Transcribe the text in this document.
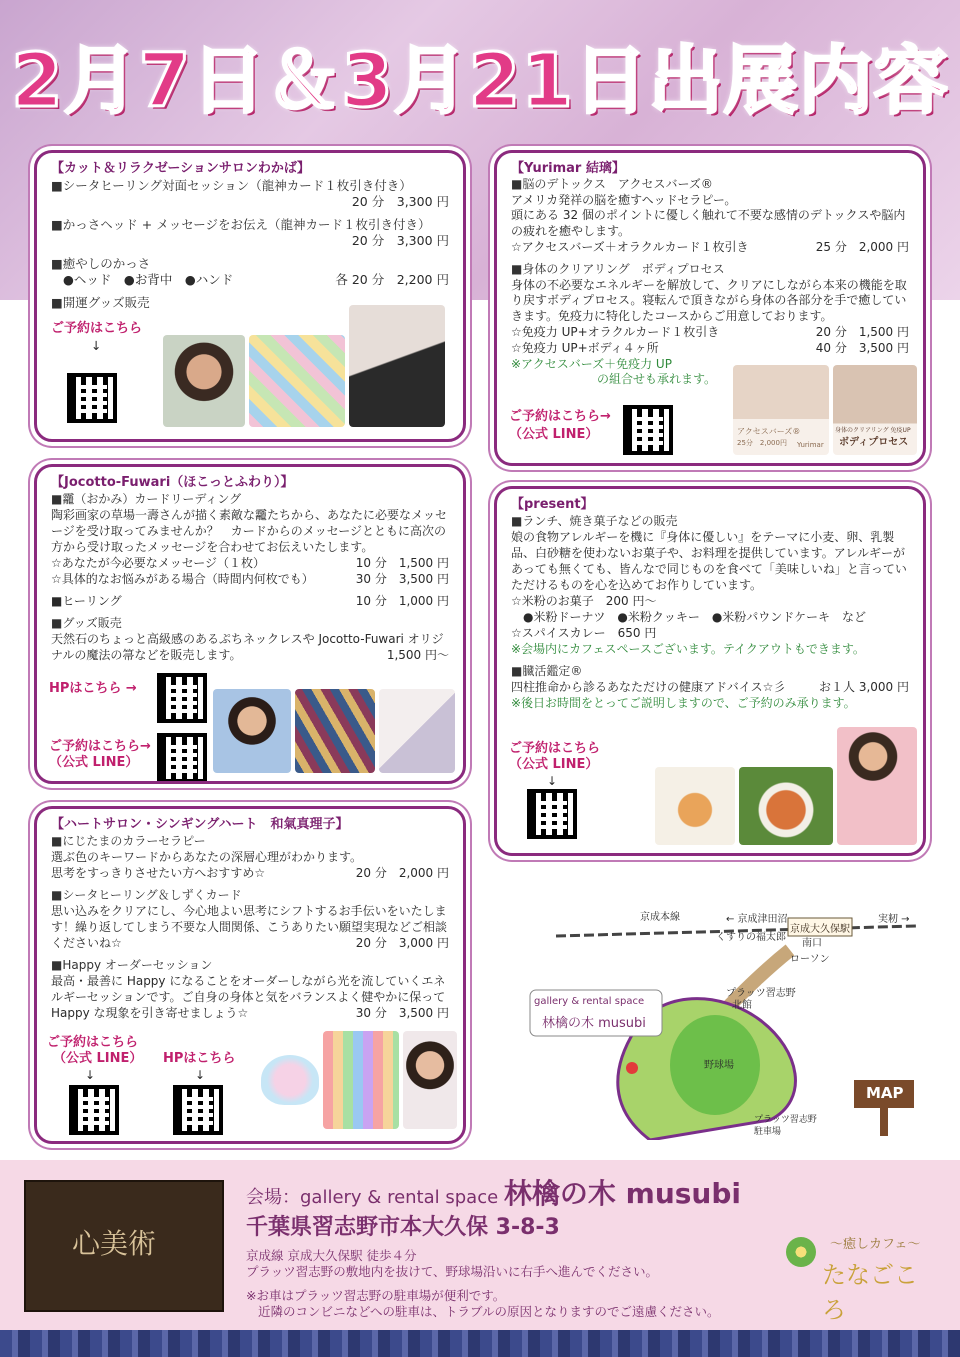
2月7日＆3月21日出展内容
【カット＆リラクゼーションサロンわかば】
■シータヒーリング対面セッション（龍神カード１枚引き付き）
20 分　3,300 円
■かっさヘッド + メッセージをお伝え（龍神カード１枚引き付き）
20 分　3,300 円
■癒やしのかっさ
●ヘッド　●お背中　●ハンド	各 20 分　2,200 円
■開運グッズ販売
ご予約はこちら
↓
【Yurimar 結璃】
■脳のデトックス　アクセスバーズ®
アメリカ発祥の脳を癒すヘッドセラピー。
頭にある 32 個のポイントに優しく触れて不要な感情のデトックスや脳内の疲れを癒やします。
☆アクセスバーズ＋オラクルカード１枚引き	25 分　2,000 円
■身体のクリアリング　ボディプロセス
身体の不必要なエネルギーを解放して、クリアにしながら本来の機能を取り戻すボディプロセス。寝転んで頂きながら身体の各部分を手で癒していきます。免疫力に特化したコースからご用意しております。
☆免疫力 UP+オラクルカード１枚引き	20 分　1,500 円
☆免疫力 UP+ボディ４ヶ所	40 分　3,500 円
※アクセスバーズ＋免疫力 UP
の組合せも承れます。
ご予約はこちら→
（公式 LINE）	アクセスバーズ®
25分　2,000円 Yurimar
身体のクリアリング 免疫UP
ボディプロセス
【Jocotto-Fuwari（ほこっとふわり）】
■龗（おかみ）カードリーディング
陶彩画家の草場一壽さんが描く素敵な龗たちから、あなたに必要なメッセージを受け取ってみませんか？　カードからのメッセージとともに高次の方から受け取ったメッセージを合わせてお伝えいたします。
☆あなたが今必要なメッセージ（１枚）	10 分　1,500 円
☆具体的なお悩みがある場合（時間内何枚でも）	30 分　3,500 円
■ヒーリング	10 分　1,000 円
■グッズ販売
天然石のちょっと高級感のあるぷちネックレスや Jocotto-Fuwari オリジナルの魔法の箒などを販売します。	1,500 円〜
HPはこちら →
ご予約はこちら→
（公式 LINE）
【present】
■ランチ、焼き菓子などの販売
娘の食物アレルギーを機に『身体に優しい』をテーマに小麦、卵、乳製品、白砂糖を使わないお菓子や、お料理を提供しています。アレルギーがあっても無くても、皆んなで同じものを食べて「美味しいね」と言っていただけるものを心を込めてお作りしています。
☆米粉のお菓子　200 円〜
●米粉ドーナツ　●米粉クッキー　●米粉パウンドケーキ　など
☆スパイスカレー　650 円
※会場内にカフェスペースございます。テイクアウトもできます。
■臓活鑑定®
四柱推命から診るあなただけの健康アドバイス☆彡	お１人 3,000 円
※後日お時間をとってご説明しますので、ご予約のみ承ります。
ご予約はこちら
（公式 LINE）
↓
【ハートサロン・シンギングハート　和氣真理子】
■にじたまのカラーセラピー
選ぶ色のキーワードからあなたの深層心理がわかります。
思考をすっきりさせたい方へおすすめ☆	20 分　2,000 円
■シータヒーリング＆しずくカード
思い込みをクリアにし、今心地よい思考にシフトするお手伝いをいたします！繰り返してしまう不要な人間関係、こうありたい願望実現などご相談くださいね☆	20 分　3,000 円
■Happy オーダーセッション
最高・最善に Happy になることをオーダーしながら光を流していくエネルギーセッションです。ご自身の身体と気をバランスよく健やかに保って Happy な現象を引き寄せましょう☆	30 分　3,500 円
ご予約はこちら
（公式 LINE）
↓
HPはこちら
↓
京成本線	← 京成津田沼
京成大久保駅
実籾 →
くすりの福太郎
南口
ローソン
gallery & rental space
林檎の木 musubi
プラッツ習志野
北館
野球場
プラッツ習志野
駐車場
MAP
心美術
会場：gallery & rental space 林檎の木 musubi
千葉県習志野市本大久保 3-8-3
京成線 京成大久保駅 徒歩４分
プラッツ習志野の敷地内を抜けて、野球場沿いに右手へ進んでください。
※お車はプラッツ習志野の駐車場が便利です。
近隣のコンビニなどへの駐車は、トラブルの原因となりますのでご遠慮ください。
〜癒しカフェ〜
たなごころ
